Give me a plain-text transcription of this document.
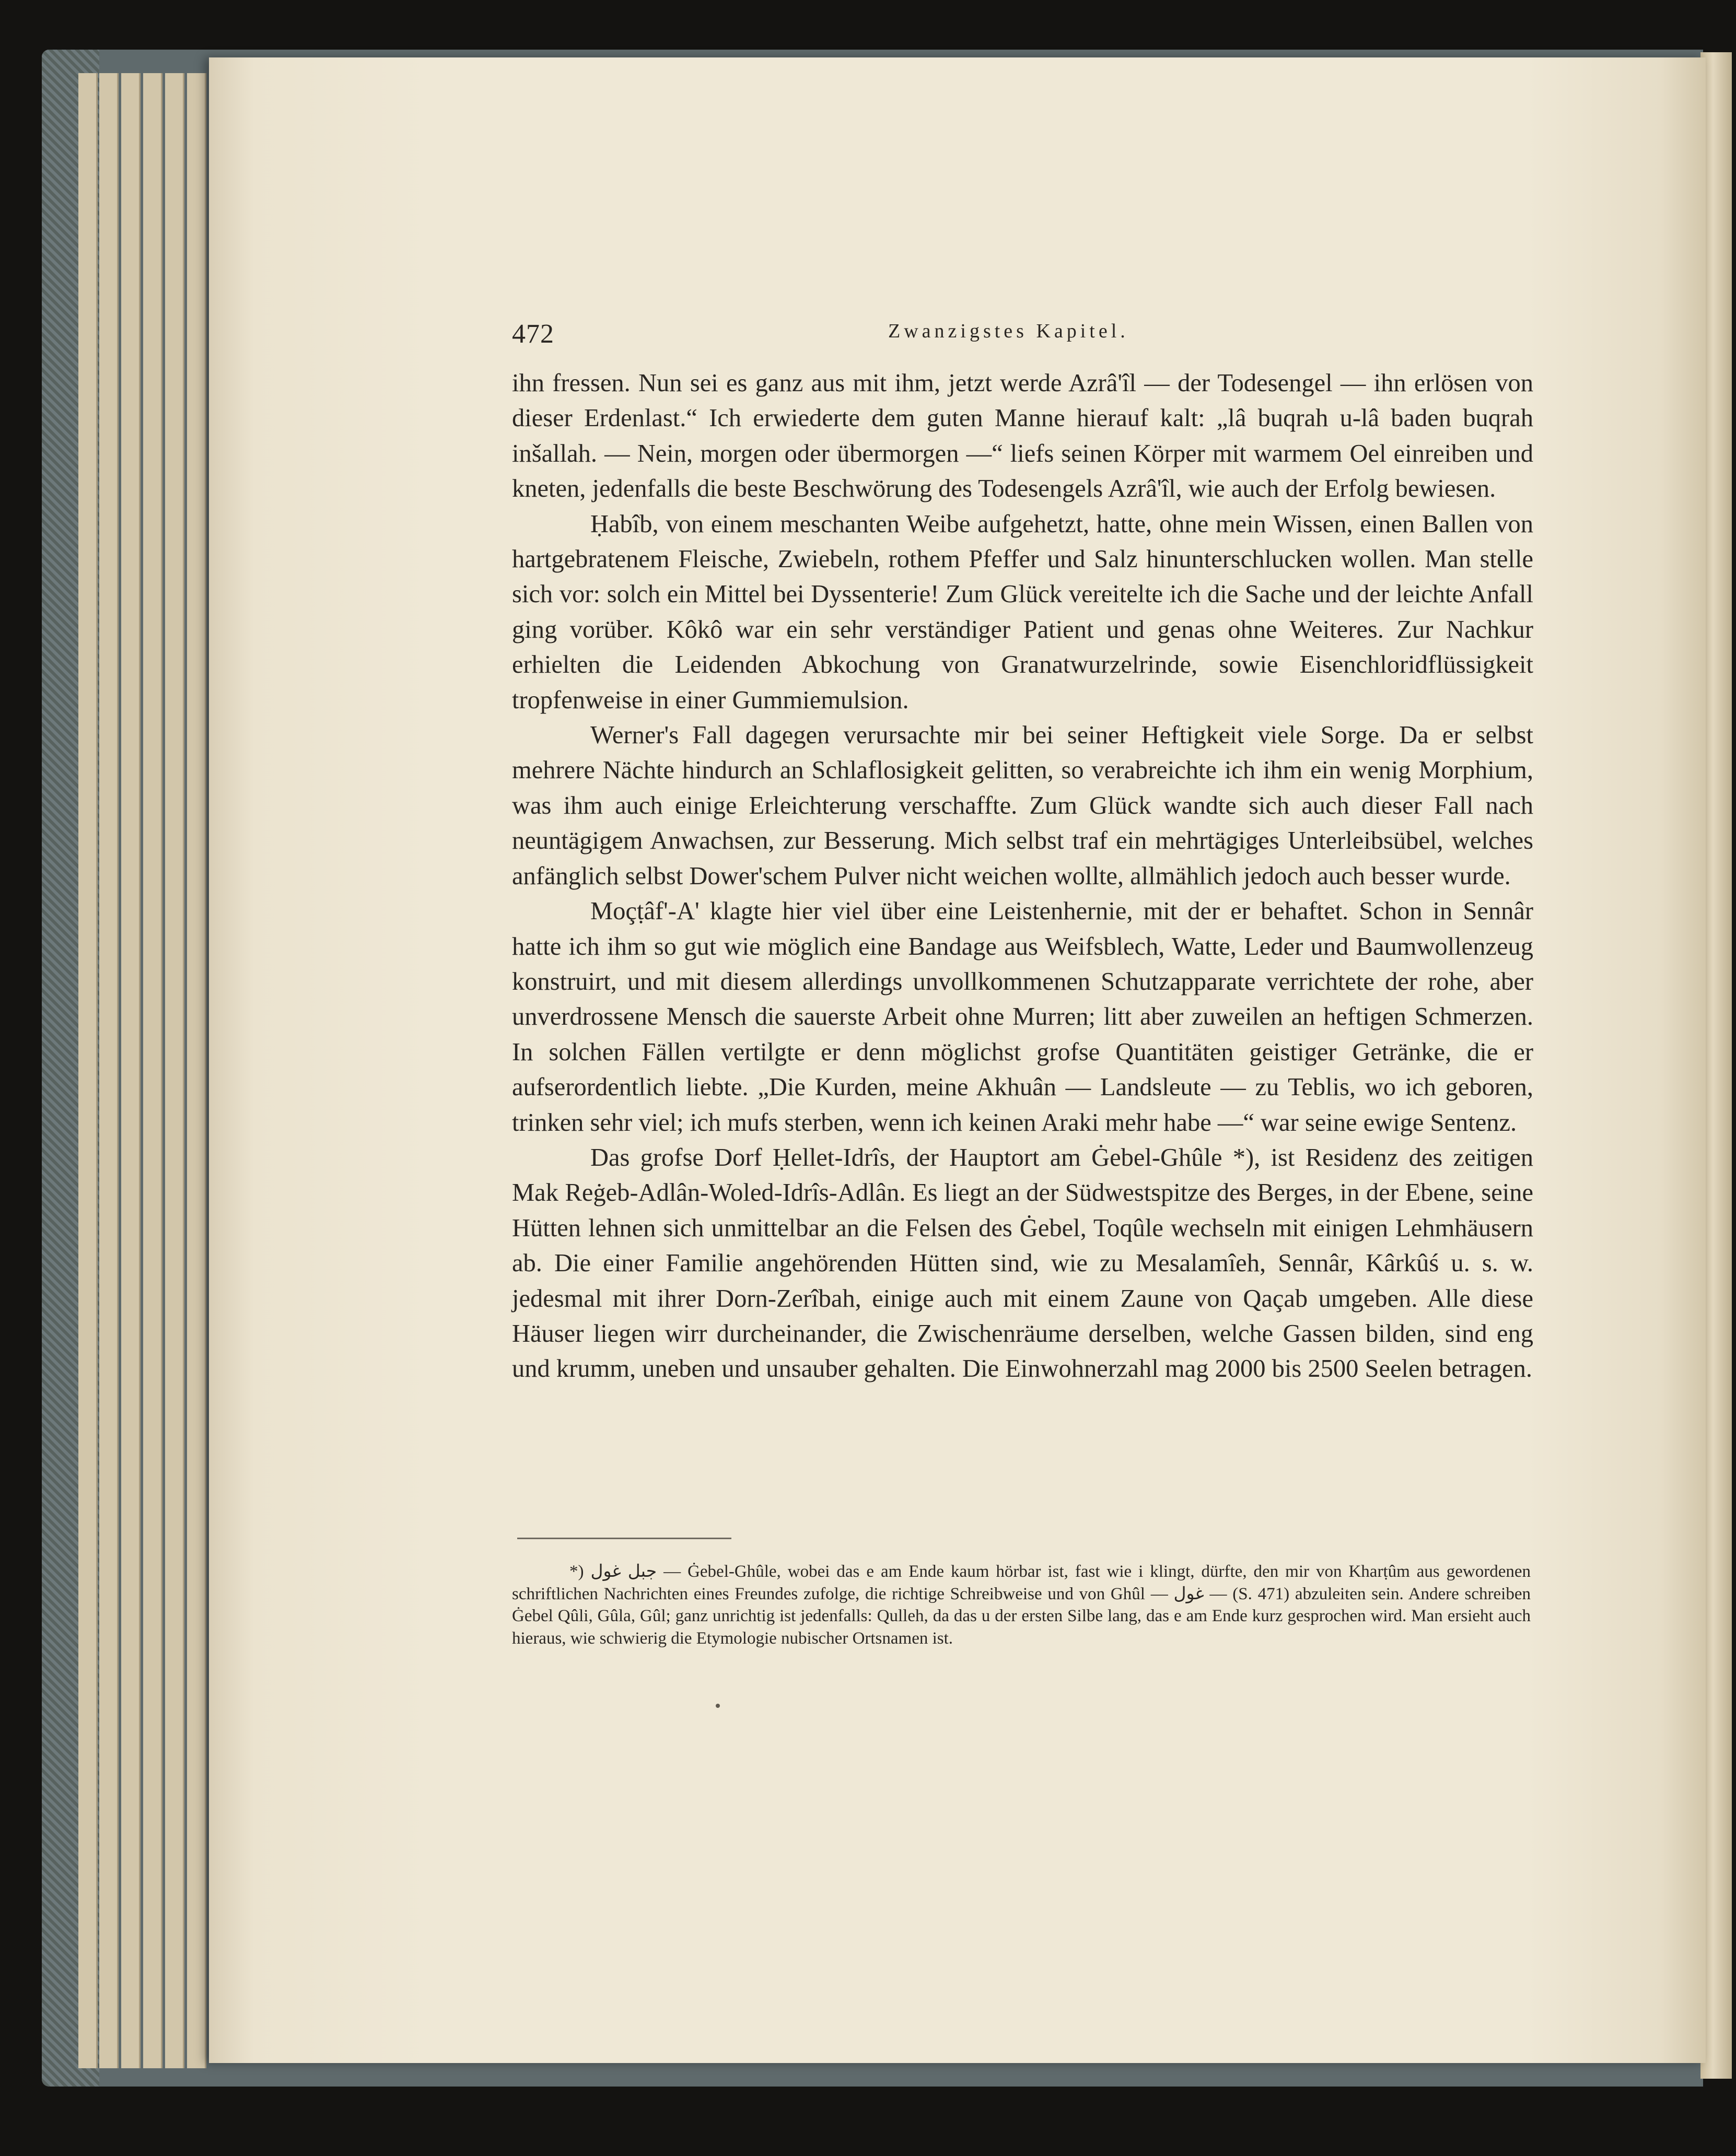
472	Zwanzigstes Kapitel.

ihn fressen. Nun sei es ganz aus mit ihm, jetzt werde Azrâ'îl — der Todesengel — ihn erlösen von dieser Erdenlast.“ Ich erwiederte dem guten Manne hierauf kalt: „lâ buqrah u-lâ baden buqrah inšallah. — Nein, morgen oder übermorgen —“ liefs seinen Körper mit warmem Oel einreiben und kneten, jedenfalls die beste Beschwörung des Todesengels Azrâ'îl, wie auch der Erfolg bewiesen.

Ḥabîb, von einem meschanten Weibe aufgehetzt, hatte, ohne mein Wissen, einen Ballen von hartgebratenem Fleische, Zwiebeln, rothem Pfeffer und Salz hinunterschlucken wollen. Man stelle sich vor: solch ein Mittel bei Dyssenterie! Zum Glück vereitelte ich die Sache und der leichte Anfall ging vorüber. Kôkô war ein sehr verständiger Patient und genas ohne Weiteres. Zur Nachkur erhielten die Leidenden Abkochung von Granatwurzelrinde, sowie Eisenchloridflüssigkeit tropfenweise in einer Gummiemulsion.

Werner's Fall dagegen verursachte mir bei seiner Heftigkeit viele Sorge. Da er selbst mehrere Nächte hindurch an Schlaflosigkeit gelitten, so verabreichte ich ihm ein wenig Morphium, was ihm auch einige Erleichterung verschaffte. Zum Glück wandte sich auch dieser Fall nach neuntägigem Anwachsen, zur Besserung. Mich selbst traf ein mehrtägiges Unterleibsübel, welches anfänglich selbst Dower'schem Pulver nicht weichen wollte, allmählich jedoch auch besser wurde.

Moçṭâf'-A' klagte hier viel über eine Leistenhernie, mit der er behaftet. Schon in Sennâr hatte ich ihm so gut wie möglich eine Bandage aus Weifsblech, Watte, Leder und Baumwollenzeug konstruirt, und mit diesem allerdings unvollkommenen Schutzapparate verrichtete der rohe, aber unverdrossene Mensch die sauerste Arbeit ohne Murren; litt aber zuweilen an heftigen Schmerzen. In solchen Fällen vertilgte er denn möglichst grofse Quantitäten geistiger Getränke, die er aufserordentlich liebte. „Die Kurden, meine Akhuân — Landsleute — zu Teblis, wo ich geboren, trinken sehr viel; ich mufs sterben, wenn ich keinen Araki mehr habe —“ war seine ewige Sentenz.

Das grofse Dorf Ḥellet-Idrîs, der Hauptort am Ġebel-Ghûle *), ist Residenz des zeitigen Mak Reġeb-Adlân-Woled-Idrîs-Adlân. Es liegt an der Südwestspitze des Berges, in der Ebene, seine Hütten lehnen sich unmittelbar an die Felsen des Ġebel, Toqûle wechseln mit einigen Lehmhäusern ab. Die einer Familie angehörenden Hütten sind, wie zu Mesalamîeh, Sennâr, Kârkûś u. s. w. jedesmal mit ihrer Dorn-Zerîbah, einige auch mit einem Zaune von Qaçab umgeben. Alle diese Häuser liegen wirr durcheinander, die Zwischenräume derselben, welche Gassen bilden, sind eng und krumm, uneben und unsauber gehalten. Die Einwohnerzahl mag 2000 bis 2500 Seelen betragen.

*) جبل غول — Ġebel-Ghûle, wobei das e am Ende kaum hörbar ist, fast wie i klingt, dürfte, den mir von Kharṭûm aus gewordenen schriftlichen Nachrichten eines Freundes zufolge, die richtige Schreibweise und von Ghûl — غول — (S. 471) abzuleiten sein. Andere schreiben Ġebel Qûli, Gûla, Gûl; ganz unrichtig ist jedenfalls: Qulleh, da das u der ersten Silbe lang, das e am Ende kurz gesprochen wird. Man ersieht auch hieraus, wie schwierig die Etymologie nubischer Ortsnamen ist.
